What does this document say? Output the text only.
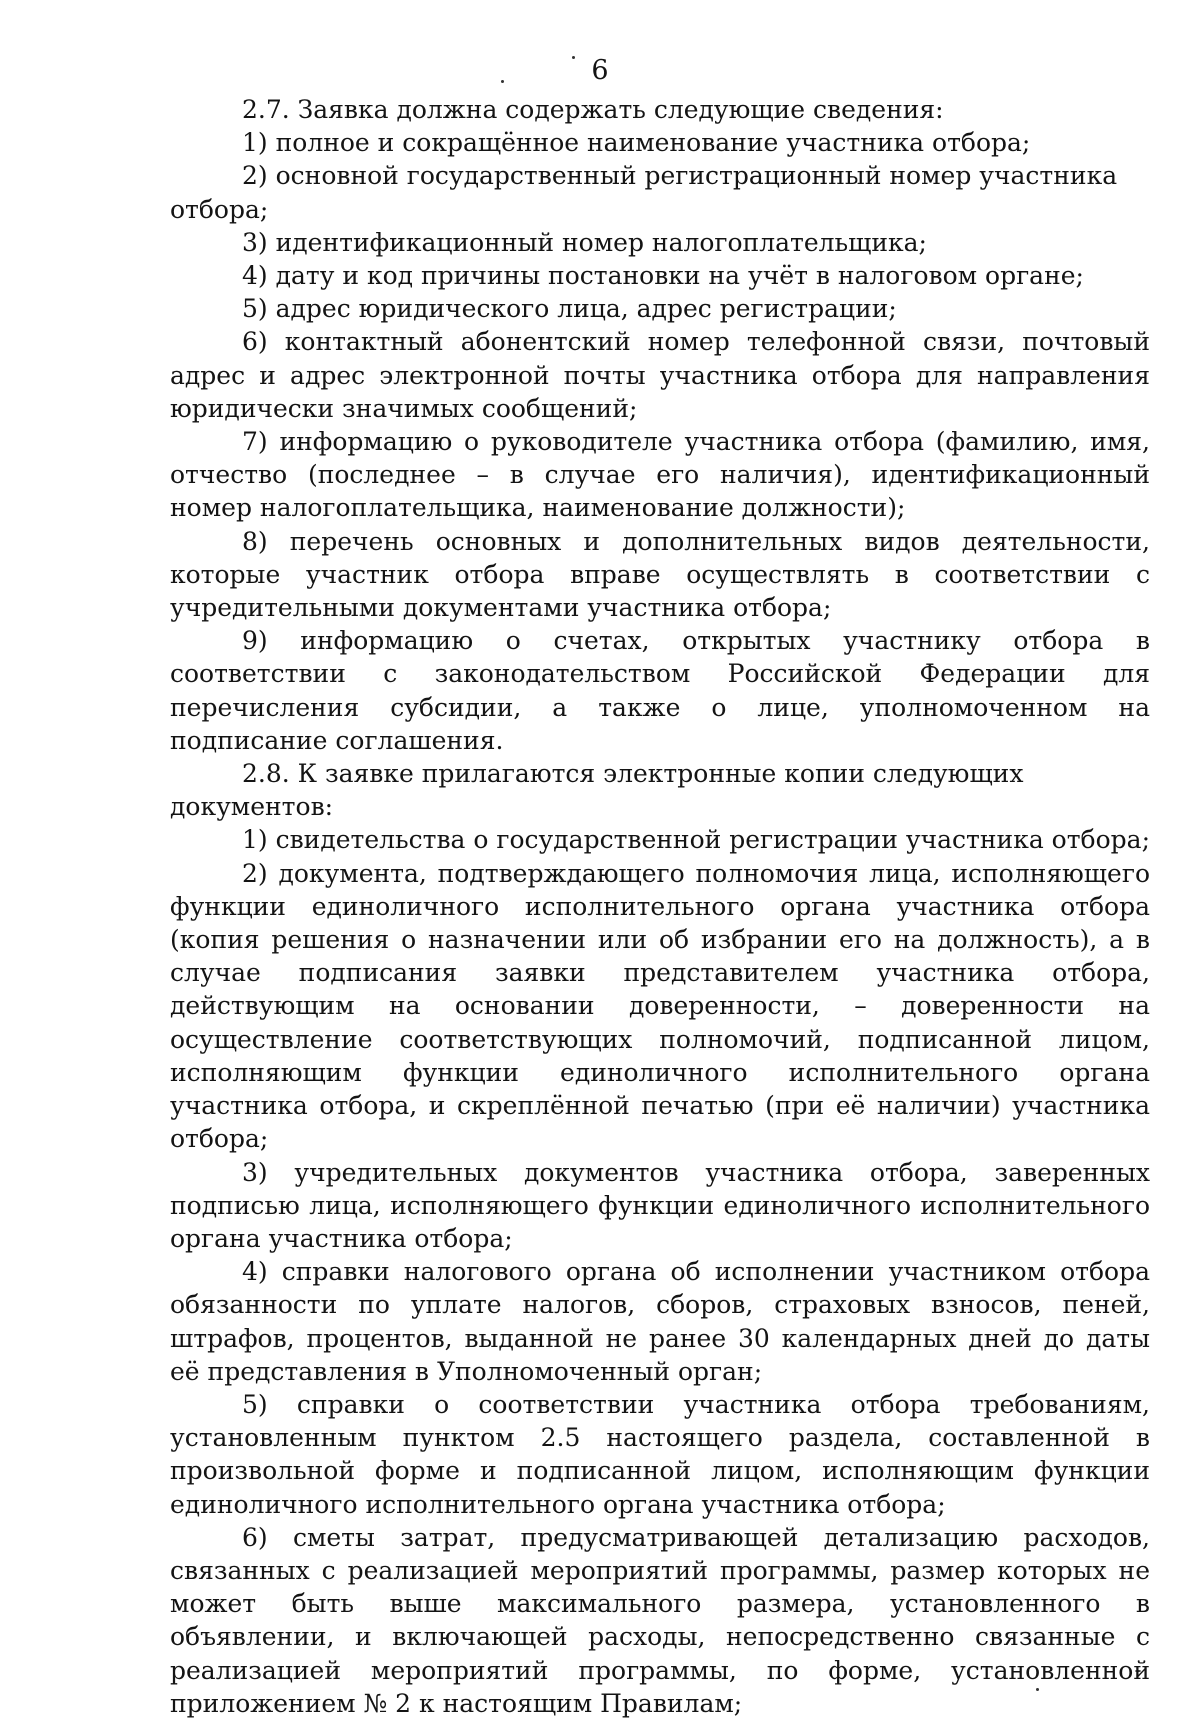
6

2.7. Заявка должна содержать следующие сведения:

1) полное и сокращённое наименование участника отбора;

2) основной государственный регистрационный номер участника отбора;

3) идентификационный номер налогоплательщика;

4) дату и код причины постановки на учёт в налоговом органе;

5) адрес юридического лица, адрес регистрации;

6) контактный абонентский номер телефонной связи, почтовый адрес и адрес электронной почты участника отбора для направления юридически значимых сообщений;

7) информацию о руководителе участника отбора (фамилию, имя, отчество (последнее – в случае его наличия), идентификационный номер налогоплательщика, наименование должности);

8) перечень основных и дополнительных видов деятельности, которые участник отбора вправе осуществлять в соответствии с учредительными документами участника отбора;

9) информацию о счетах, открытых участнику отбора в соответствии с законодательством Российской Федерации для перечисления субсидии, а также о лице, уполномоченном на подписание соглашения.

2.8. К заявке прилагаются электронные копии следующих документов:

1) свидетельства о государственной регистрации участника отбора;

2) документа, подтверждающего полномочия лица, исполняющего функции единоличного исполнительного органа участника отбора (копия решения о назначении или об избрании его на должность), а в случае подписания заявки представителем участника отбора, действующим на основании доверенности, – доверенности на осуществление соответствующих полномочий, подписанной лицом, исполняющим функции единоличного исполнительного органа участника отбора, и скреплённой печатью (при её наличии) участника отбора;

3) учредительных документов участника отбора, заверенных подписью лица, исполняющего функции единоличного исполнительного органа участника отбора;

4) справки налогового органа об исполнении участником отбора обязанности по уплате налогов, сборов, страховых взносов, пеней, штрафов, процентов, выданной не ранее 30 календарных дней до даты её представления в Уполномоченный орган;

5) справки о соответствии участника отбора требованиям, установленным пунктом 2.5 настоящего раздела, составленной в произвольной форме и подписанной лицом, исполняющим функции единоличного исполнительного органа участника отбора;

6) сметы затрат, предусматривающей детализацию расходов, связанных с реализацией мероприятий программы, размер которых не может быть выше максимального размера, установленного в объявлении, и включающей расходы, непосредственно связанные с реализацией мероприятий программы, по форме, установленной приложением № 2 к настоящим Правилам;
